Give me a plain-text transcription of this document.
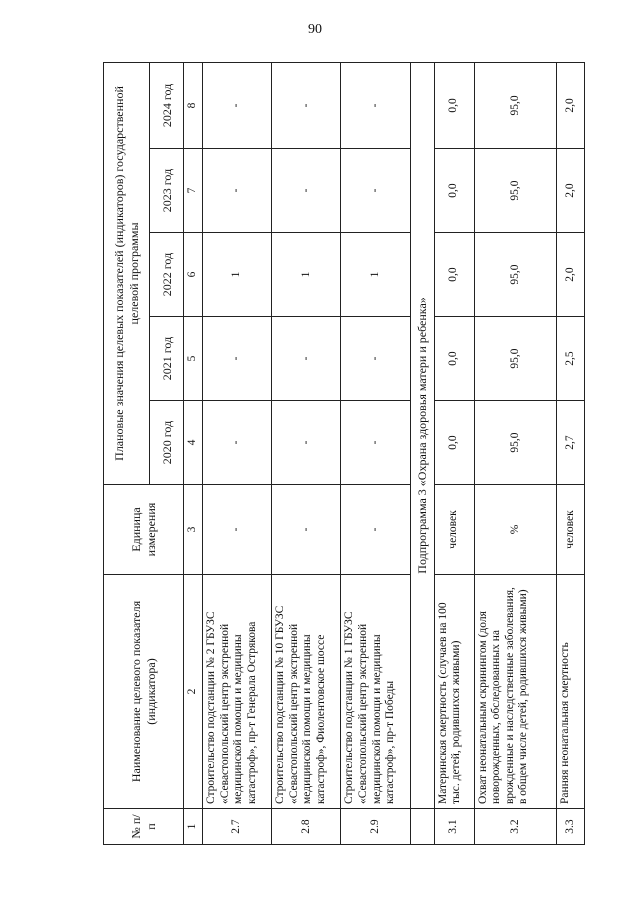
90
№ п/п	Наименование целевого показателя (индикатора)	Единица измерения	Плановые значения целевых показателей (индикаторов) государственной целевой программы				
			2020 год	2021 год	2022 год	2023 год	2024 год
1	2	3	4	5	6	7	8
2.7	Строительство подстанции № 2 ГБУЗС «Севастопольский центр экстренной медицинской помощи и медицины катастроф», пр-т Генерала Острякова	-	-	-	1	-	-
2.8	Строительство подстанции № 10 ГБУЗС «Севастопольский центр экстренной медицинской помощи и медицины катастроф», Фиолентовское шоссе	-	-	-	1	-	-
2.9	Строительство подстанции № 1 ГБУЗС «Севастопольский центр экстренной медицинской помощи и медицины катастроф», пр-т Победы	-	-	-	1	-	-
	Подпрограмма 3 «Охрана здоровья матери и ребенка»						
3.1	Материнская смертность (случаев на 100 тыс. детей, родившихся живыми)	человек	0,0	0,0	0,0	0,0	0,0
3.2	Охват неонатальным скринингом (доля новорожденных, обследованных на врожденные и наследственные заболевания, в общем числе детей, родившихся живыми)	%	95,0	95,0	95,0	95,0	95,0
3.3	Ранняя неонатальная смертность	человек	2,7	2,5	2,0	2,0	2,0
